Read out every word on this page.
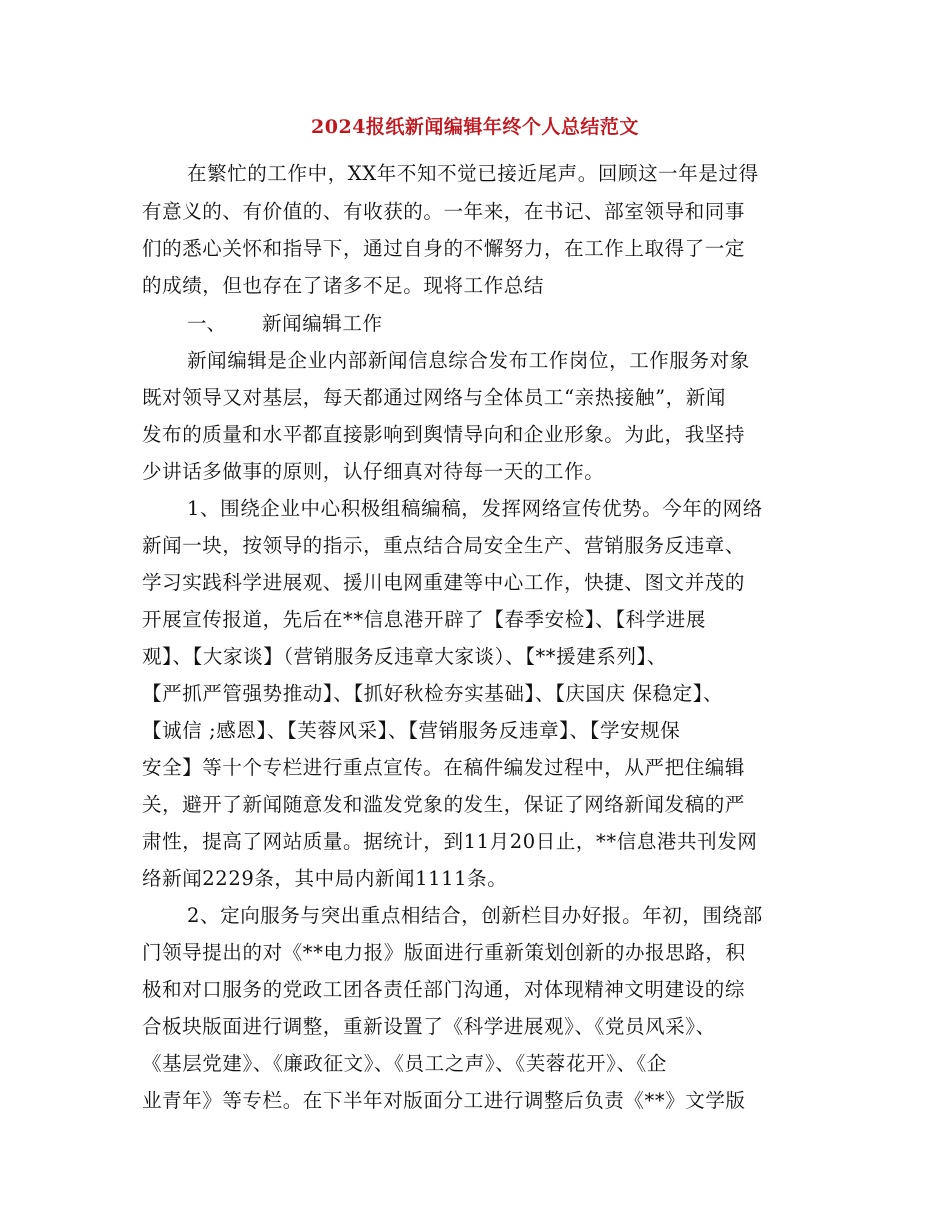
2024报纸新闻编辑年终个人总结范文
在繁忙的工作中，XX年不知不觉已接近尾声。回顾这一年是过得
有意义的、有价值的、有收获的。一年来，在书记、部室领导和同事
们的悉心关怀和指导下，通过自身的不懈努力，在工作上取得了一定
的成绩，但也存在了诸多不足。现将工作总结
一、 新闻编辑工作
新闻编辑是企业内部新闻信息综合发布工作岗位，工作服务对象
既对领导又对基层，每天都通过网络与全体员工“亲热接触”，新闻
发布的质量和水平都直接影响到舆情导向和企业形象。为此，我坚持
少讲话多做事的原则，认仔细真对待每一天的工作。
1、围绕企业中心积极组稿编稿，发挥网络宣传优势。今年的网络
新闻一块，按领导的指示，重点结合局安全生产、营销服务反违章、
学习实践科学进展观、援川电网重建等中心工作，快捷、图文并茂的
开展宣传报道，先后在**信息港开辟了【春季安检】、【科学进展
观】、【大家谈】（营销服务反违章大家谈）、【**援建系列】、
【严抓严管强势推动】、【抓好秋检夯实基础】、【庆国庆 保稳定】、
【诚信 ;感恩】、【芙蓉风采】、【营销服务反违章】、【学安规保
安全】等十个专栏进行重点宣传。在稿件编发过程中，从严把住编辑
关，避开了新闻随意发和滥发党象的发生，保证了网络新闻发稿的严
肃性，提高了网站质量。据统计，到11月20日止，**信息港共刊发网
络新闻2229条，其中局内新闻1111条。
2、定向服务与突出重点相结合，创新栏目办好报。年初，围绕部
门领导提出的对《**电力报》版面进行重新策划创新的办报思路，积
极和对口服务的党政工团各责任部门沟通，对体现精神文明建设的综
合板块版面进行调整，重新设置了《科学进展观》、《党员风采》、
《基层党建》、《廉政征文》、《员工之声》、《芙蓉花开》、《企
业青年》等专栏。在下半年对版面分工进行调整后负责《**》文学版
